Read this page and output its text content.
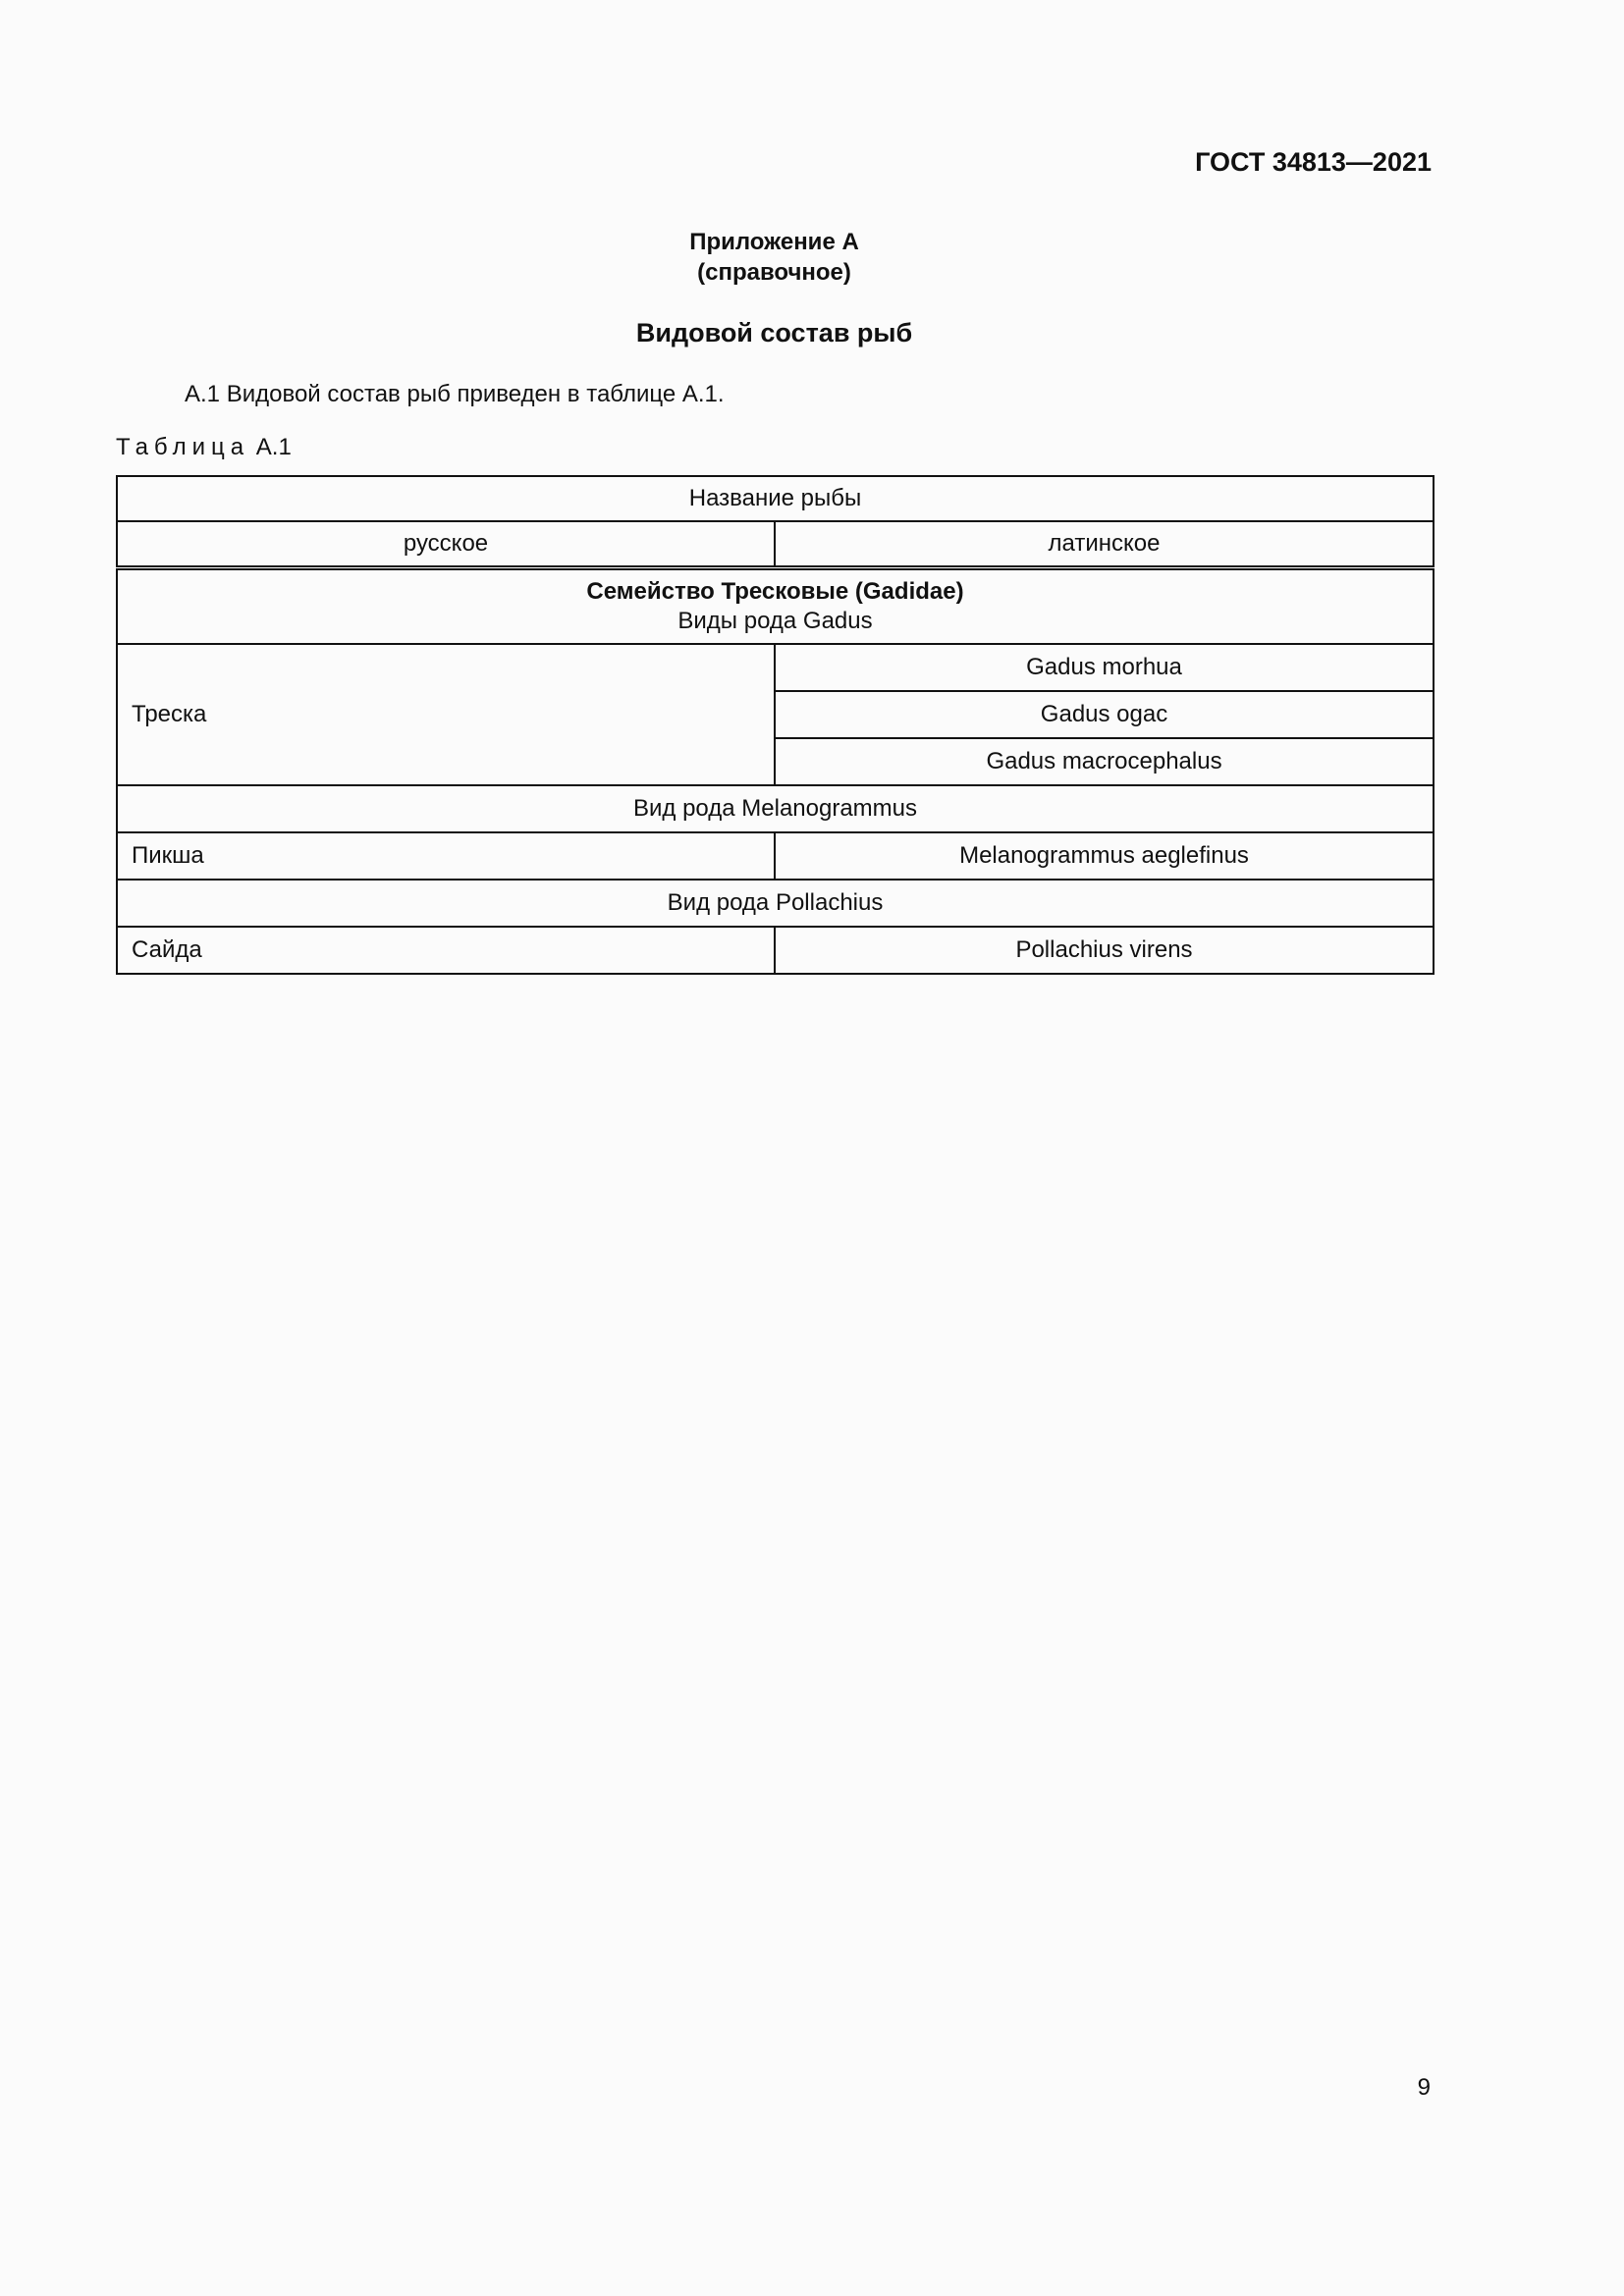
ГОСТ 34813—2021
Приложение А
(справочное)
Видовой состав рыб
А.1 Видовой состав рыб приведен в таблице А.1.
Таблица А.1
Название рыбы	
русское	латинское

Семейство Тресковые (Gadidae)
Виды рода Gadus	

Треска	Gadus morhua
	Gadus ogac
	Gadus macrocephalus
Вид рода Melanogrammus	
Пикша	Melanogrammus aeglefinus
Вид рода Pollachius	
Сайда	Pollachius virens
9
